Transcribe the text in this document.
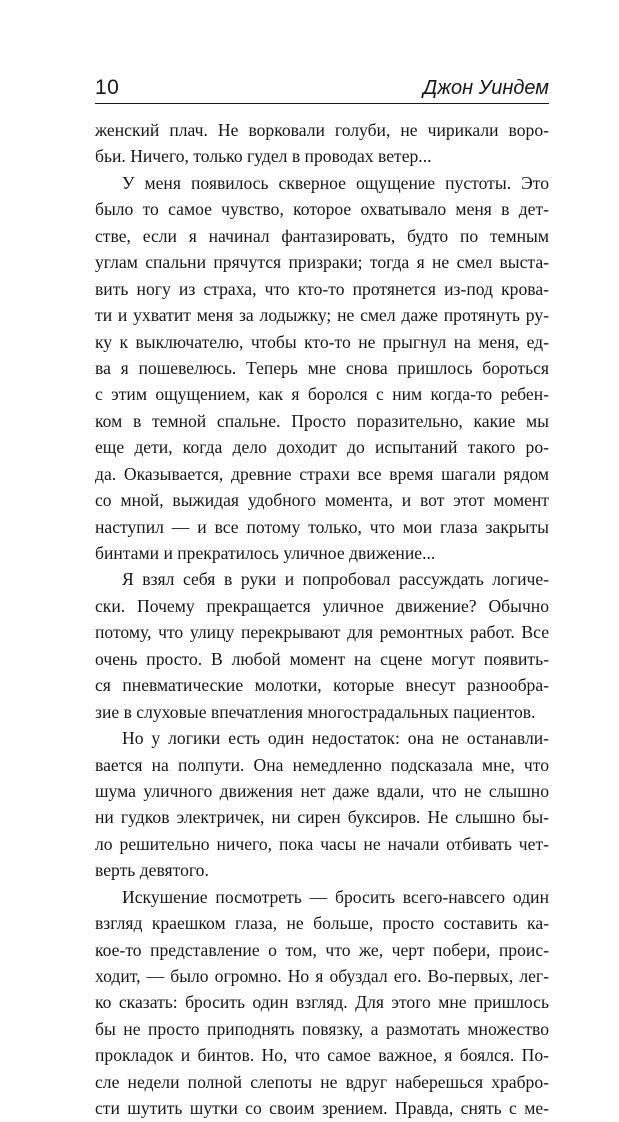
10	Джон Уиндем
женский плач. Не ворковали голуби, не чирикали воро-
бьи. Ничего, только гудел в проводах ветер...
У меня появилось скверное ощущение пустоты. Это
было то самое чувство, которое охватывало меня в дет-
стве, если я начинал фантазировать, будто по темным
углам спальни прячутся призраки; тогда я не смел выста-
вить ногу из страха, что кто-то протянется из-под крова-
ти и ухватит меня за лодыжку; не смел даже протянуть ру-
ку к выключателю, чтобы кто-то не прыгнул на меня, ед-
ва я пошевелюсь. Теперь мне снова пришлось бороться
с этим ощущением, как я боролся с ним когда-то ребен-
ком в темной спальне. Просто поразительно, какие мы
еще дети, когда дело доходит до испытаний такого ро-
да. Оказывается, древние страхи все время шагали рядом
со мной, выжидая удобного момента, и вот этот момент
наступил — и все потому только, что мои глаза закрыты
бинтами и прекратилось уличное движение...
Я взял себя в руки и попробовал рассуждать логиче-
ски. Почему прекращается уличное движение? Обычно
потому, что улицу перекрывают для ремонтных работ. Все
очень просто. В любой момент на сцене могут появить-
ся пневматические молотки, которые внесут разнообра-
зие в слуховые впечатления многострадальных пациентов.
Но у логики есть один недостаток: она не останавли-
вается на полпути. Она немедленно подсказала мне, что
шума уличного движения нет даже вдали, что не слышно
ни гудков электричек, ни сирен буксиров. Не слышно бы-
ло решительно ничего, пока часы не начали отбивать чет-
верть девятого.
Искушение посмотреть — бросить всего-навсего один
взгляд краешком глаза, не больше, просто составить ка-
кое-то представление о том, что же, черт побери, проис-
ходит, — было огромно. Но я обуздал его. Во-первых, лег-
ко сказать: бросить один взгляд. Для этого мне пришлось
бы не просто приподнять повязку, а размотать множество
прокладок и бинтов. Но, что самое важное, я боялся. По-
сле недели полной слепоты не вдруг наберешься храбро-
сти шутить шутки со своим зрением. Правда, снять с ме-
